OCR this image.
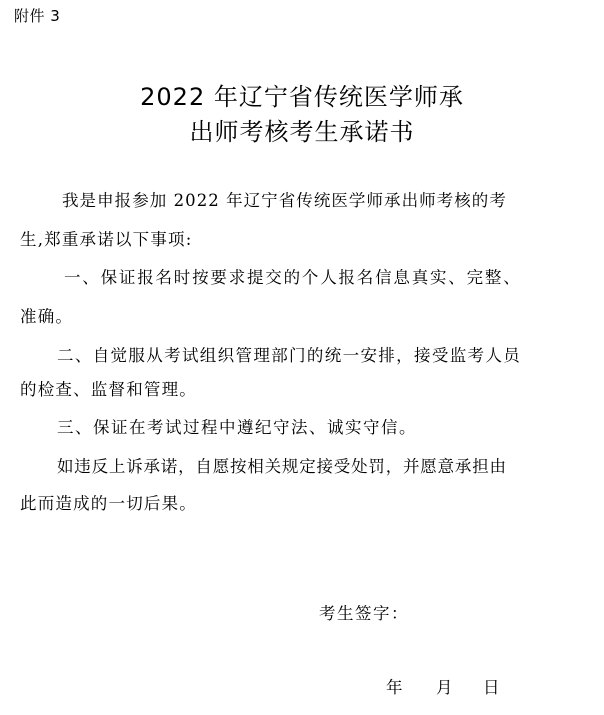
附件 3
2022 年辽宁省传统医学师承
出师考核考生承诺书
我是申报参加 2022 年辽宁省传统医学师承出师考核的考
生,郑重承诺以下事项:
一、保证报名时按要求提交的个人报名信息真实、完整、
准确。
二、自觉服从考试组织管理部门的统一安排，接受监考人员
的检查、监督和管理。
三、保证在考试过程中遵纪守法、诚实守信。
如违反上诉承诺，自愿按相关规定接受处罚，并愿意承担由
此而造成的一切后果。
考生签字：
年 月 日
